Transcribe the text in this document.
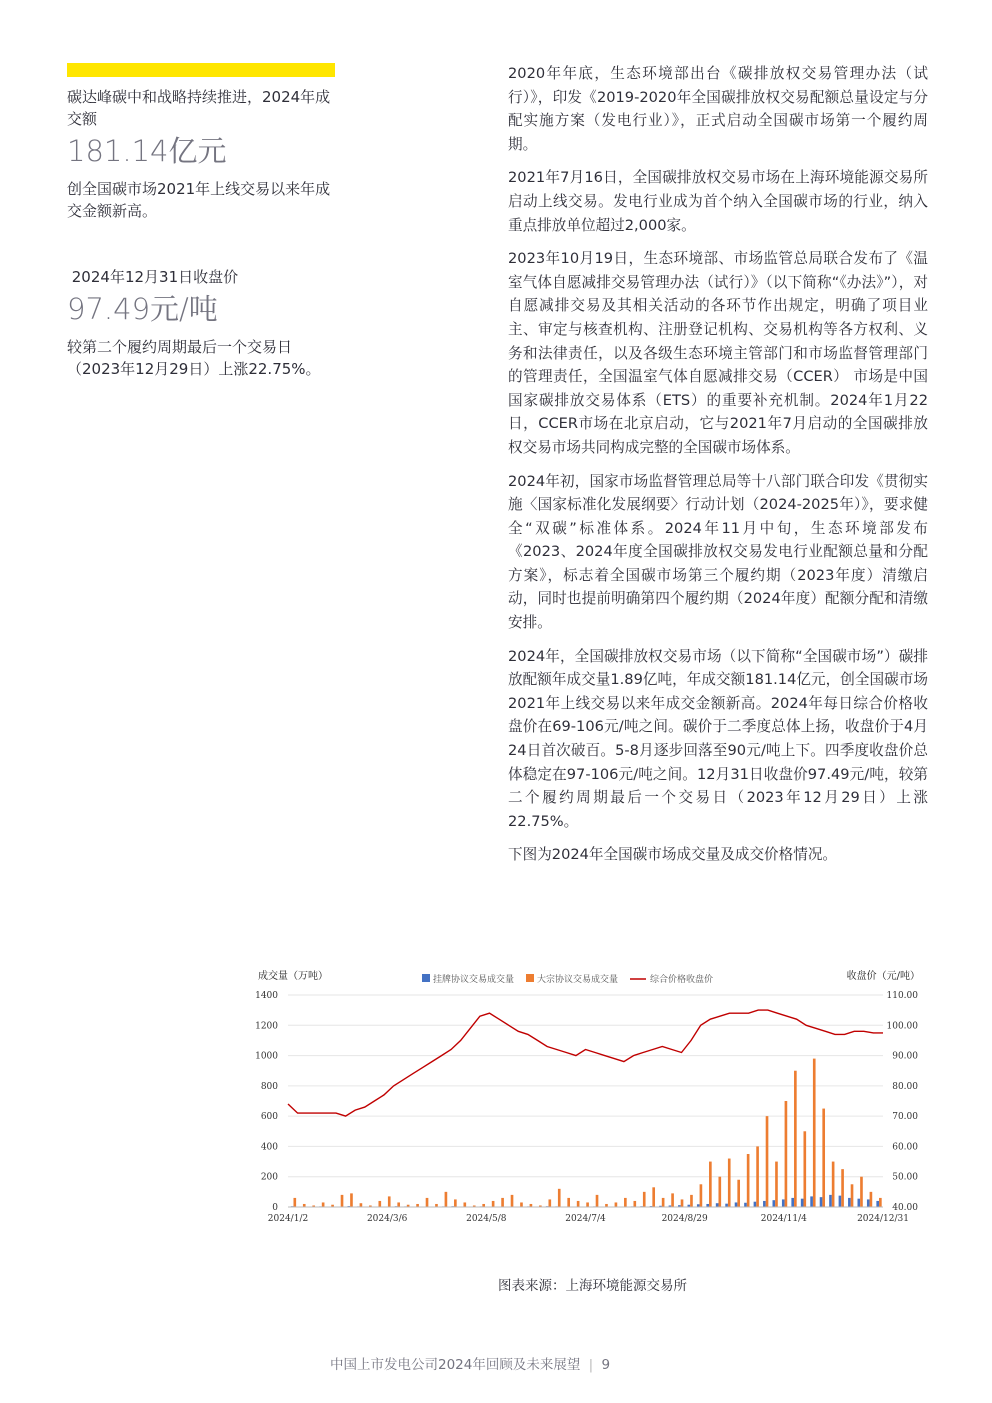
碳达峰碳中和战略持续推进，2024年成交额
181.14亿元
创全国碳市场2021年上线交易以来年成交金额新高。
2024年12月31日收盘价
97.49元/吨
较第二个履约周期最后一个交易日（2023年12月29日）上涨22.75%。

2020年年底，生态环境部出台《碳排放权交易管理办法（试行）》，印发《2019-2020年全国碳排放权交易配额总量设定与分配实施方案（发电行业）》，正式启动全国碳市场第一个履约周期。

2021年7月16日，全国碳排放权交易市场在上海环境能源交易所启动上线交易。发电行业成为首个纳入全国碳市场的行业，纳入重点排放单位超过2,000家。

2023年10月19日，生态环境部、市场监管总局联合发布了《温室气体自愿减排交易管理办法（试行）》（以下简称“《办法》”），对自愿减排交易及其相关活动的各环节作出规定，明确了项目业主、审定与核查机构、注册登记机构、交易机构等各方权利、义务和法律责任，以及各级生态环境主管部门和市场监督管理部门的管理责任，全国温室气体自愿减排交易（CCER） 市场是中国国家碳排放交易体系（ETS）的重要补充机制。2024年1月22日，CCER市场在北京启动，它与2021年7月启动的全国碳排放权交易市场共同构成完整的全国碳市场体系。

2024年初，国家市场监督管理总局等十八部门联合印发《贯彻实施〈国家标准化发展纲要〉行动计划（2024-2025年）》，要求健全“双碳”标准体系。2024年11月中旬，生态环境部发布《2023、2024年度全国碳排放权交易发电行业配额总量和分配方案》，标志着全国碳市场第三个履约期（2023年度）清缴启动，同时也提前明确第四个履约期（2024年度）配额分配和清缴安排。

2024年，全国碳排放权交易市场（以下简称“全国碳市场”）碳排放配额年成交量1.89亿吨，年成交额181.14亿元，创全国碳市场2021年上线交易以来年成交金额新高。2024年每日综合价格收盘价在69-106元/吨之间。碳价于二季度总体上扬，收盘价于4月24日首次破百。5-8月逐步回落至90元/吨上下。四季度收盘价总体稳定在97-106元/吨之间。12月31日收盘价97.49元/吨，较第二个履约周期最后一个交易日（2023年12月29日）上涨22.75%。

下图为2024年全国碳市场成交量及成交价格情况。

0
200
400
600
800
1000
1200
1400
40.00
50.00
60.00
70.00
80.00
90.00
100.00
110.00
成交量（万吨）	收盘价（元/吨）
挂牌协议交易成交量	大宗协议交易成交量	综合价格收盘价
2024/1/2	2024/3/6	2024/5/8	2024/7/4	2024/8/29	2024/11/4	2024/12/31
图表来源：上海环境能源交易所
中国上市发电公司2024年回顾及未来展望 | 9
